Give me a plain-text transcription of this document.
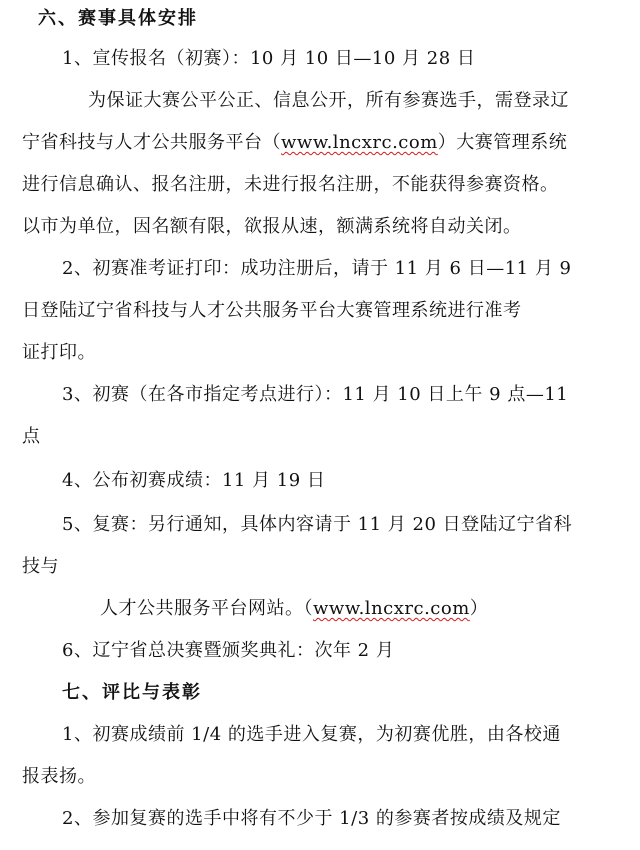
六、赛事具体安排
1、宣传报名（初赛）：10 月 10 日—10 月 28 日
为保证大赛公平公正、信息公开，所有参赛选手，需登录辽
宁省科技与人才公共服务平台（www.lncxrc.com）大赛管理系统
进行信息确认、报名注册，未进行报名注册，不能获得参赛资格。
以市为单位，因名额有限，欲报从速，额满系统将自动关闭。
2、初赛准考证打印：成功注册后，请于 11 月 6 日—11 月 9
日登陆辽宁省科技与人才公共服务平台大赛管理系统进行准考
证打印。
3、初赛（在各市指定考点进行）：11 月 10 日上午 9 点—11
点
4、公布初赛成绩：11 月 19 日
5、复赛：另行通知，具体内容请于 11 月 20 日登陆辽宁省科
技与
人才公共服务平台网站。（www.lncxrc.com）
6、辽宁省总决赛暨颁奖典礼：次年 2 月
七、评比与表彰
1、初赛成绩前 1/4 的选手进入复赛，为初赛优胜，由各校通
报表扬。
2、参加复赛的选手中将有不少于 1/3 的参赛者按成绩及规定
